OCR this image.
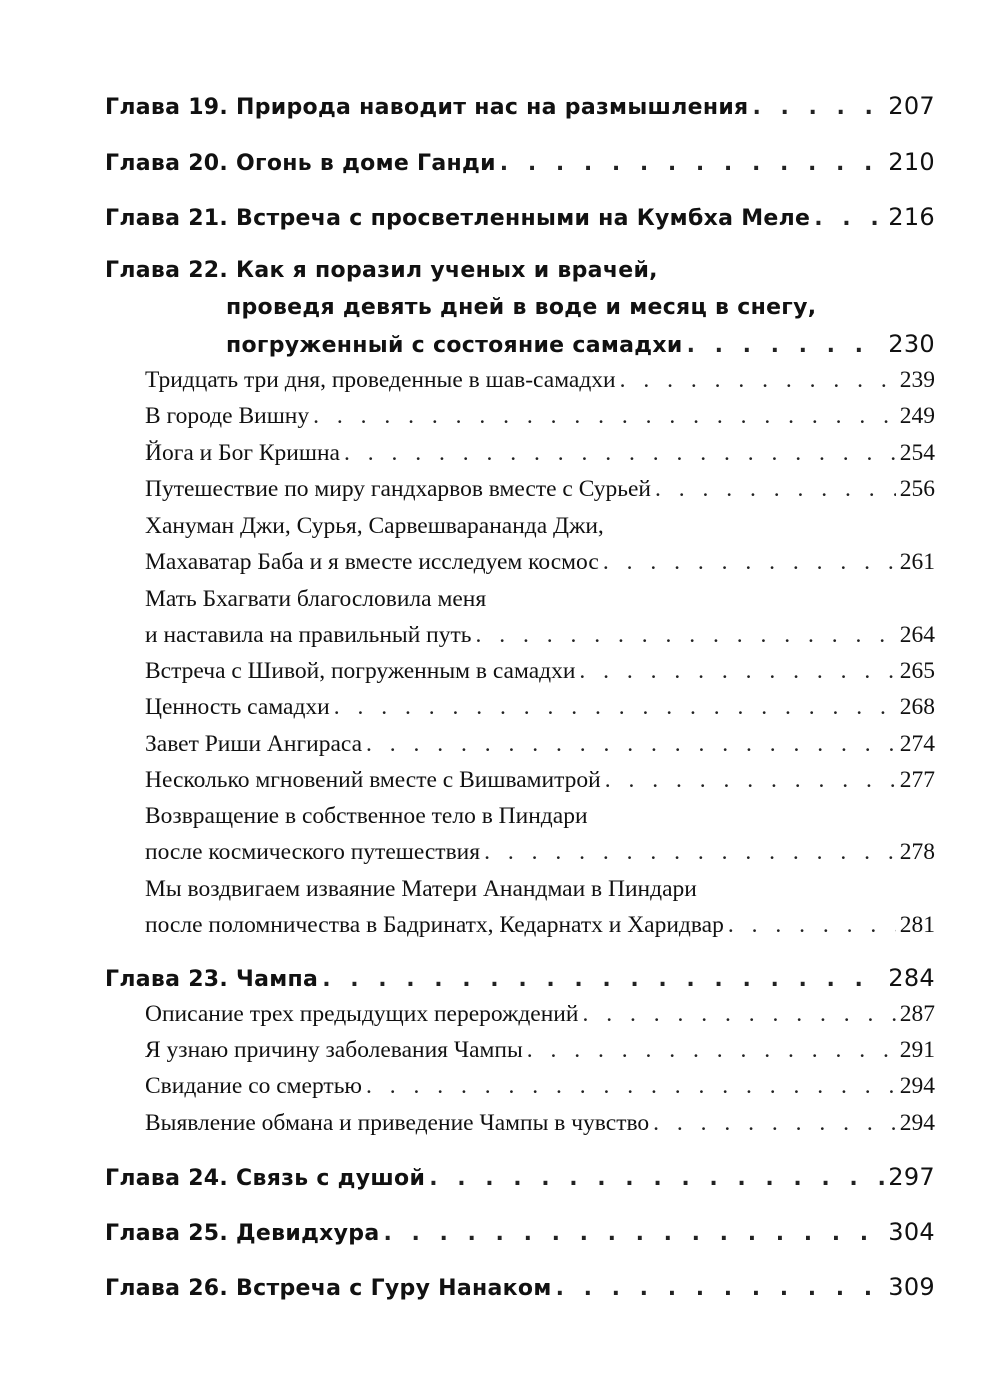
Глава 19. Природа наводит нас на размышления . . .	207
Глава 20. Огонь в доме Ганди . . .	210
Глава 21. Встреча с просветленными на Кумбха Меле . . .	216
Глава 22. Как я поразил ученых и врачей,
проведя девять дней в воде и месяц в снегу,
погруженный с состояние самадхи . . .	230
Тридцать три дня, проведенные в шав-самадхи . . .	239
В городе Вишну . . .	249
Йога и Бог Кришна . . .	254
Путешествие по миру гандхарвов вместе с Сурьей . . .	256
Хануман Джи, Сурья, Сарвешварананда Джи,
Махаватар Баба и я вместе исследуем космос . . .	261
Мать Бхагвати благословила меня
и наставила на правильный путь . . .	264
Встреча с Шивой, погруженным в самадхи . . .	265
Ценность самадхи . . .	268
Завет Риши Ангираса . . .	274
Несколько мгновений вместе с Вишвамитрой . . .	277
Возвращение в собственное тело в Пиндари
после космического путешествия . . .	278
Мы воздвигаем изваяние Матери Анандмаи в Пиндари
после поломничества в Бадринатх, Кедарнатх и Харидвар . . .	281
Глава 23. Чампа . . .	284
Описание трех предыдущих перерождений . . .	287
Я узнаю причину заболевания Чампы . . .	291
Свидание со смертью . . .	294
Выявление обмана и приведение Чампы в чувство . . .	294
Глава 24. Связь с душой . . .	297
Глава 25. Девидхура . . .	304
Глава 26. Встреча с Гуру Нанаком . . .	309
